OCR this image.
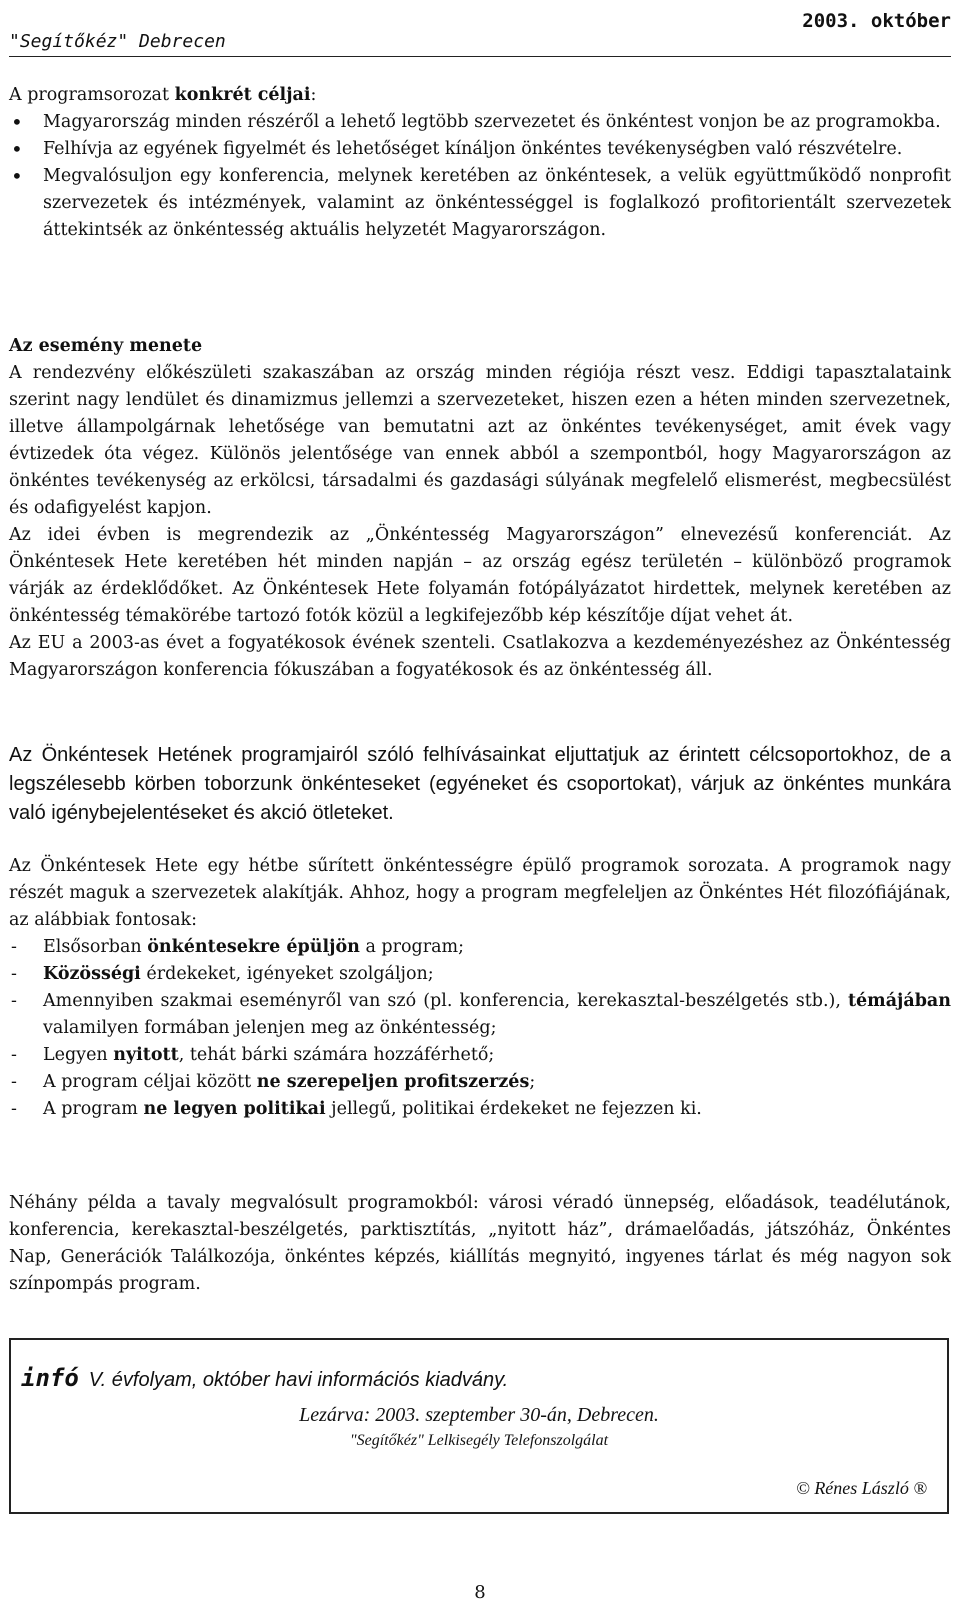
"Segítőkéz" Debrecen
2003. október

A programsorozat konkrét céljai:

• Magyarország minden részéről a lehető legtöbb szervezetet és önkéntest vonjon be az programokba.
• Felhívja az egyének figyelmét és lehetőséget kínáljon önkéntes tevékenységben való részvételre.
• Megvalósuljon egy konferencia, melynek keretében az önkéntesek, a velük együttműködő nonprofit szervezetek és intézmények, valamint az önkéntességgel is foglalkozó profitorientált szervezetek áttekintsék az önkéntesség aktuális helyzetét Magyarországon.

Az esemény menete

A rendezvény előkészületi szakaszában az ország minden régiója részt vesz. Eddigi tapasztalataink szerint nagy lendület és dinamizmus jellemzi a szervezeteket, hiszen ezen a héten minden szervezetnek, illetve állampolgárnak lehetősége van bemutatni azt az önkéntes tevékenységet, amit évek vagy évtizedek óta végez. Különös jelentősége van ennek abból a szempontból, hogy Magyarországon az önkéntes tevékenység az erkölcsi, társadalmi és gazdasági súlyának megfelelő elismerést, megbecsülést és odafigyelést kapjon.

Az idei évben is megrendezik az „Önkéntesség Magyarországon” elnevezésű konferenciát. Az Önkéntesek Hete keretében hét minden napján – az ország egész területén – különböző programok várják az érdeklődőket. Az Önkéntesek Hete folyamán fotópályázatot hirdettek, melynek keretében az önkéntesség témakörébe tartozó fotók közül a legkifejezőbb kép készítője díjat vehet át.

Az EU a 2003-as évet a fogyatékosok évének szenteli. Csatlakozva a kezdeményezéshez az Önkéntesség Magyarországon konferencia fókuszában a fogyatékosok és az önkéntesség áll.

Az Önkéntesek Hetének programjairól szóló felhívásainkat eljuttatjuk az érintett célcsoportokhoz, de a legszélesebb körben toborzunk önkénteseket (egyéneket és csoportokat), várjuk az önkéntes munkára való igénybejelentéseket és akció ötleteket.

Az Önkéntesek Hete egy hétbe sűrített önkéntességre épülő programok sorozata. A programok nagy részét maguk a szervezetek alakítják. Ahhoz, hogy a program megfeleljen az Önkéntes Hét filozófiájának, az alábbiak fontosak:

- Elsősorban önkéntesekre épüljön a program;
- Közösségi érdekeket, igényeket szolgáljon;
- Amennyiben szakmai eseményről van szó (pl. konferencia, kerekasztal-beszélgetés stb.), témájában valamilyen formában jelenjen meg az önkéntesség;
- Legyen nyitott, tehát bárki számára hozzáférhető;
- A program céljai között ne szerepeljen profitszerzés;
- A program ne legyen politikai jellegű, politikai érdekeket ne fejezzen ki.
Néhány példa a tavaly megvalósult programokból: városi véradó ünnepség, előadások, teadélutánok, konferencia, kerekasztal-beszélgetés, parktisztítás, „nyitott ház”, drámaelőadás, játszóház, Önkéntes Nap, Generációk Találkozója, önkéntes képzés, kiállítás megnyitó, ingyenes tárlat és még nagyon sok színpompás program.
infó V. évfolyam, október havi információs kiadvány.
Lezárva: 2003. szeptember 30-án, Debrecen.
"Segítőkéz" Lelkisegély Telefonszolgálat
© Rénes László ®
8
